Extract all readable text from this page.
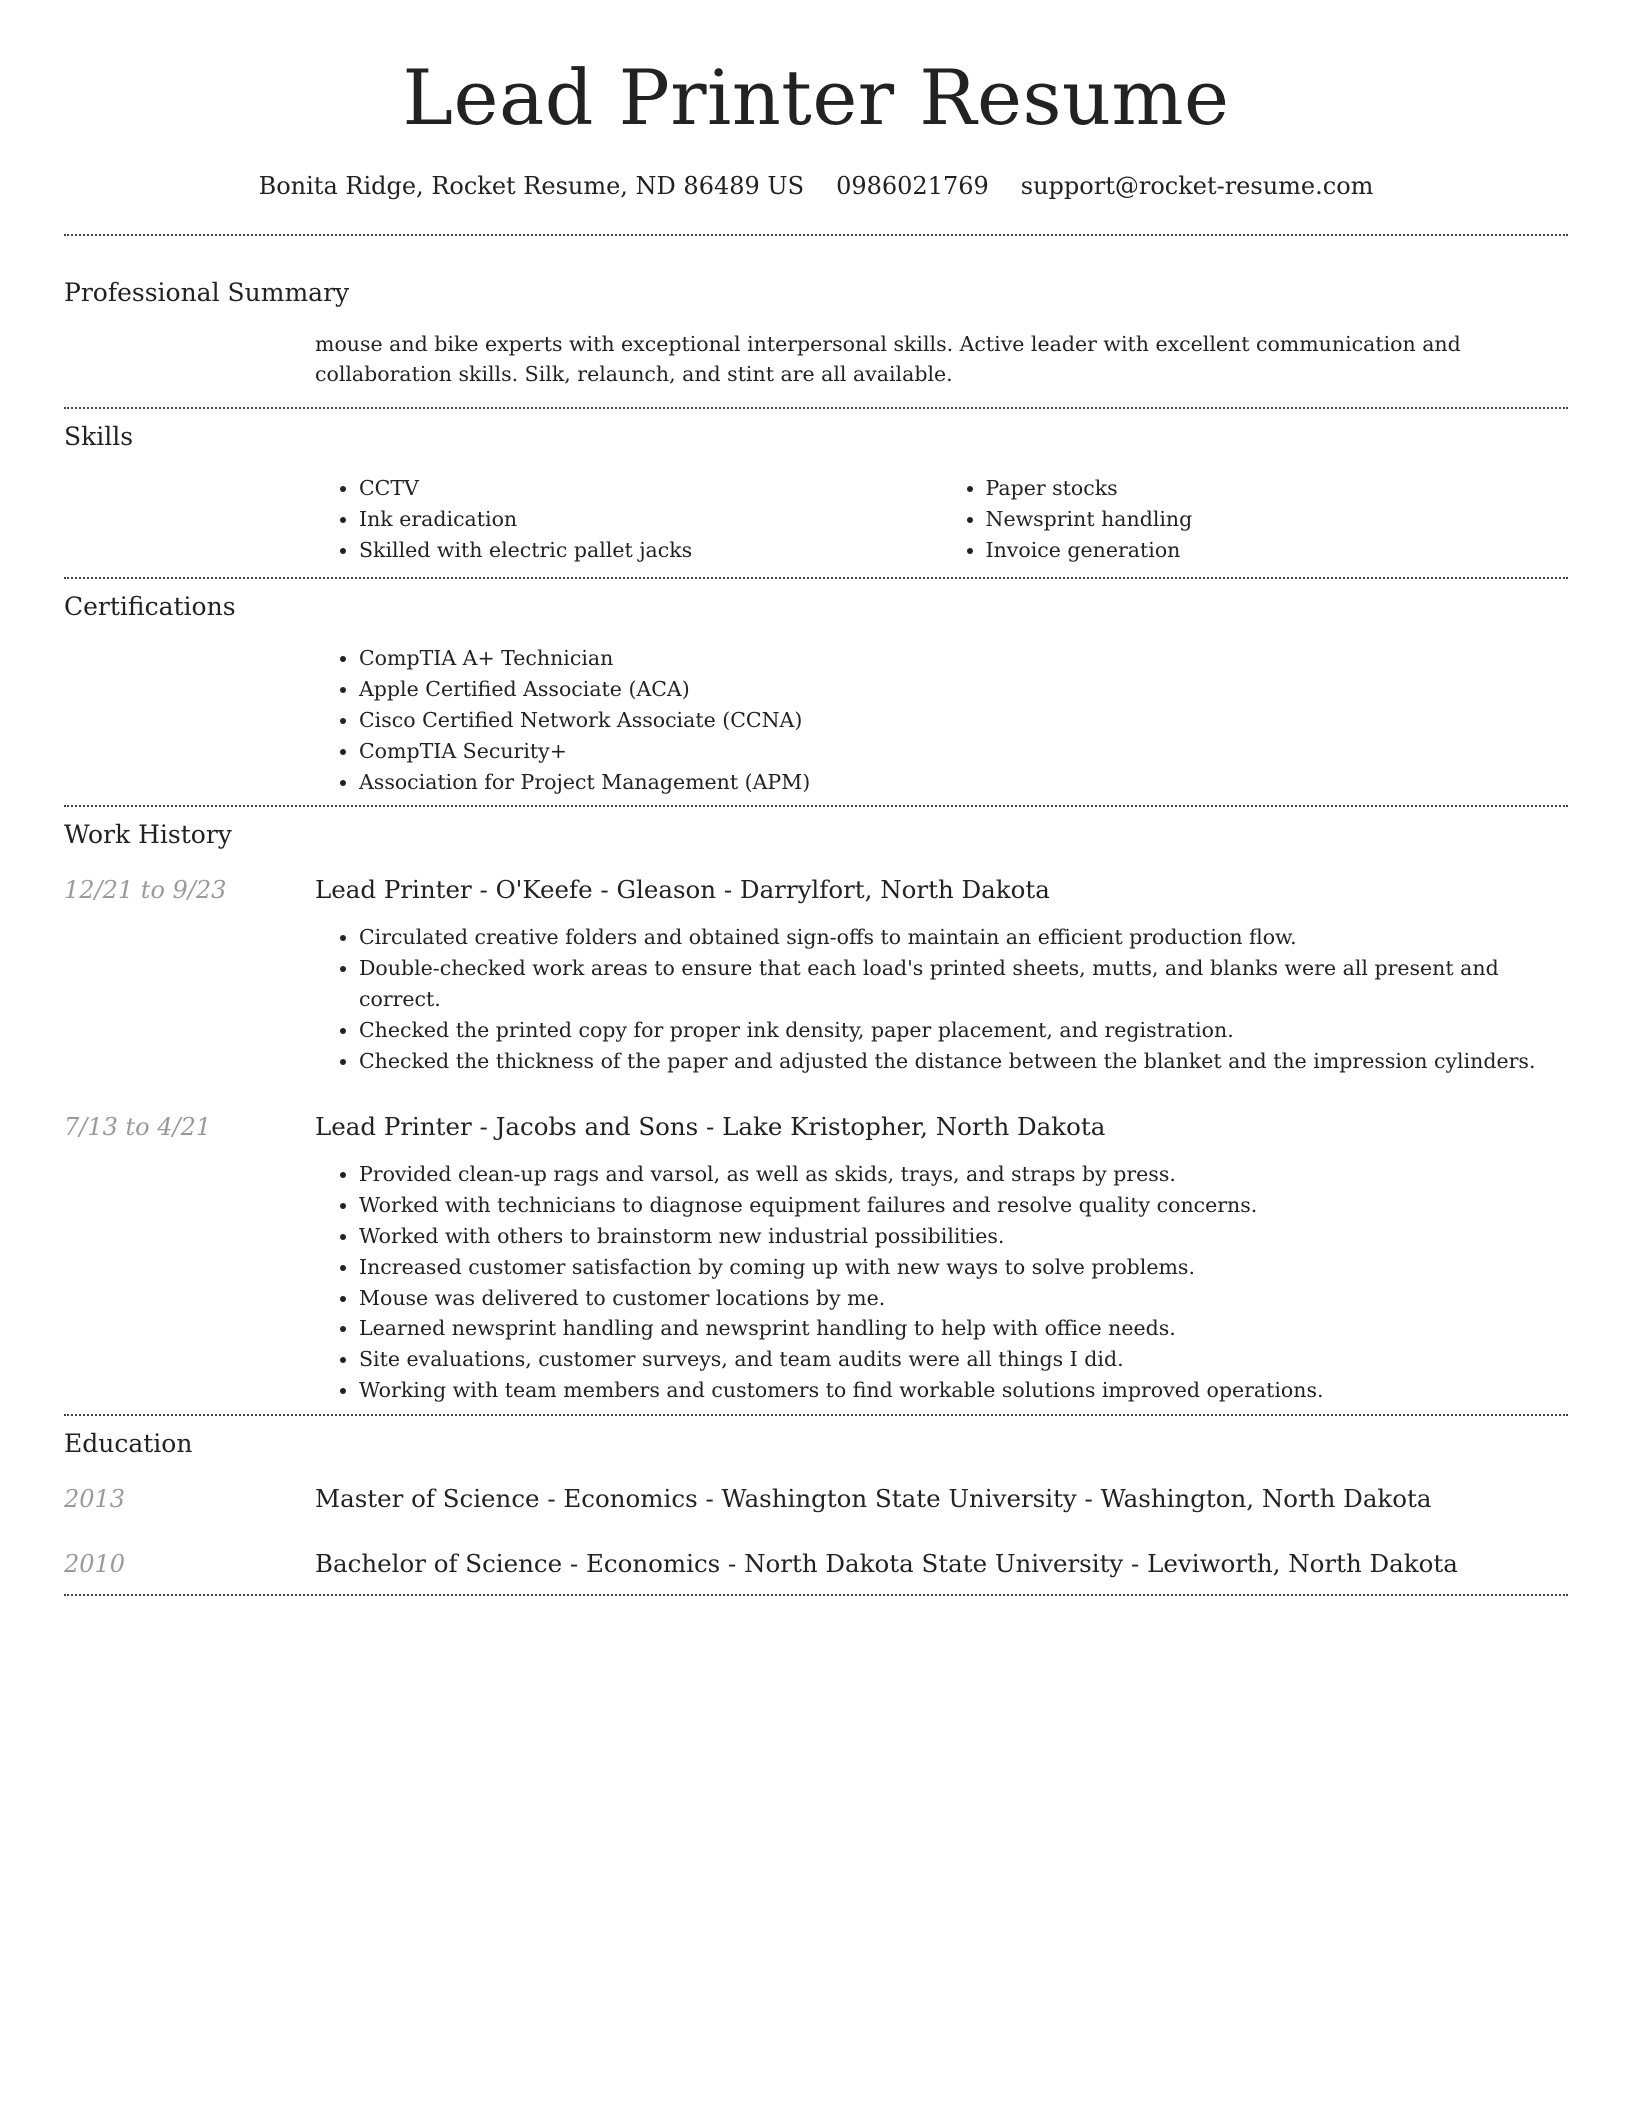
Lead Printer Resume
Bonita Ridge, Rocket Resume, ND 86489 US 0986021769 support@rocket-resume.com
Professional Summary
mouse and bike experts with exceptional interpersonal skills. Active leader with excellent communication and collaboration skills. Silk, relaunch, and stint are all available.
Skills
• CCTV
• Ink eradication
• Skilled with electric pallet jacks
• Paper stocks
• Newsprint handling
• Invoice generation
Certifications
• CompTIA A+ Technician
• Apple Certified Associate (ACA)
• Cisco Certified Network Associate (CCNA)
• CompTIA Security+
• Association for Project Management (APM)
Work History
12/21 to 9/23	Lead Printer - O'Keefe - Gleason - Darrylfort, North Dakota
• Circulated creative folders and obtained sign-offs to maintain an efficient production flow.
• Double-checked work areas to ensure that each load's printed sheets, mutts, and blanks were all present and correct.
• Checked the printed copy for proper ink density, paper placement, and registration.
• Checked the thickness of the paper and adjusted the distance between the blanket and the impression cylinders.
7/13 to 4/21	Lead Printer - Jacobs and Sons - Lake Kristopher, North Dakota
• Provided clean-up rags and varsol, as well as skids, trays, and straps by press.
• Worked with technicians to diagnose equipment failures and resolve quality concerns.
• Worked with others to brainstorm new industrial possibilities.
• Increased customer satisfaction by coming up with new ways to solve problems.
• Mouse was delivered to customer locations by me.
• Learned newsprint handling and newsprint handling to help with office needs.
• Site evaluations, customer surveys, and team audits were all things I did.
• Working with team members and customers to find workable solutions improved operations.
Education
2013	Master of Science - Economics - Washington State University - Washington, North Dakota
2010	Bachelor of Science - Economics - North Dakota State University - Leviworth, North Dakota
